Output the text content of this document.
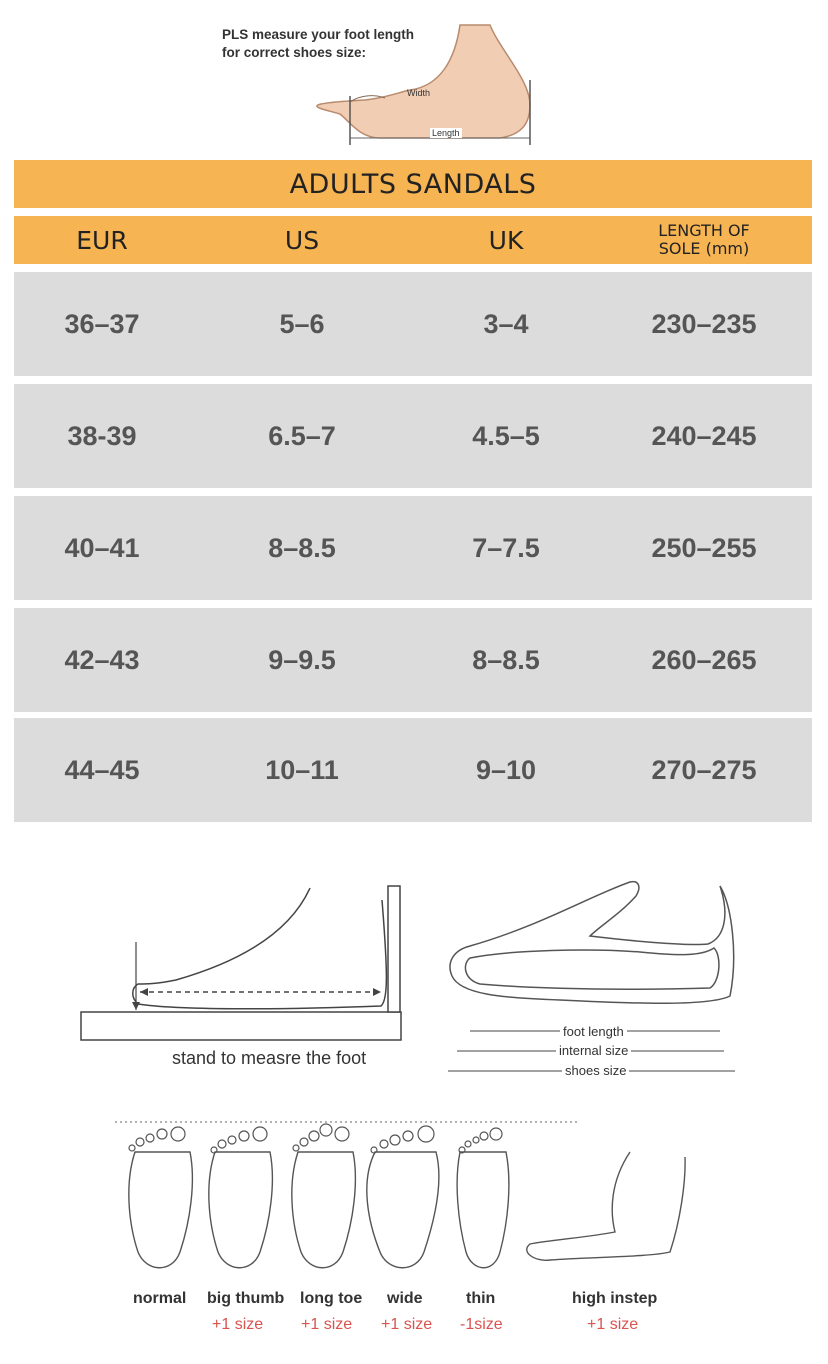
PLS measure your foot length
for correct shoes size:
Width
Length
ADULTS SANDALS
EUR	US	UK	LENGTH OF
SOLE (mm)
36–37	5–6	3–4	230–235
38-39	6.5–7	4.5–5	240–245
40–41	8–8.5	7–7.5	250–255
42–43	9–9.5	8–8.5	260–265
44–45	10–11	9–10	270–275
stand to measre the foot
foot length
internal size
shoes size
normal big thumb long toe wide	thin	high instep
+1 size +1 size +1 size -1size	+1 size
